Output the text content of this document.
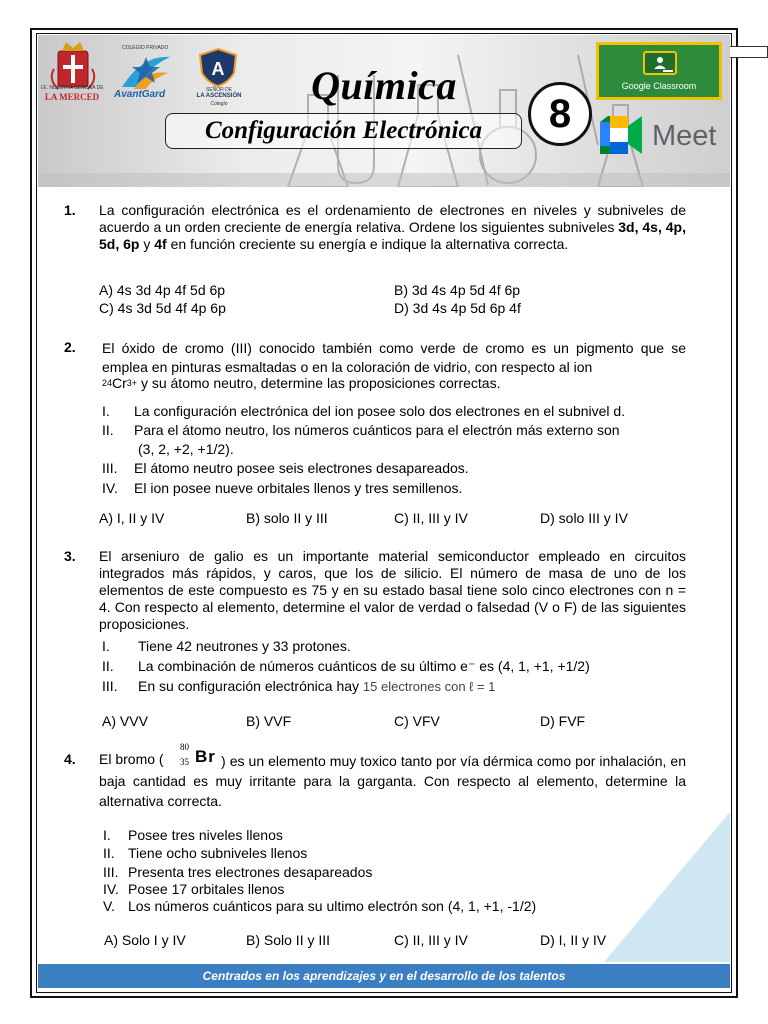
I.E. NUESTRA SEÑORA DE
LA MERCED
COLEGIO PRIVADO
AvantGard
A
SEÑOR DE
LA ASCENSIÓN
Colegio	Química
Configuración Electrónica	8
Google Classroom
Meet
1. La configuración electrónica es el ordenamiento de electrones en niveles y subniveles de acuerdo a un orden creciente de energía relativa. Ordene los siguientes subniveles 3d, 4s, 4p, 5d, 6p y 4f en función creciente su energía e indique la alternativa correcta.
A) 4s 3d 4p 4f 5d 6p	B) 3d 4s 4p 5d 4f 6p
C) 4s 3d 5d 4f 4p 6p	D) 3d 4s 4p 5d 6p 4f
2. El óxido de cromo (III) conocido también como verde de cromo es un pigmento que se emplea en pinturas esmaltadas o en la coloración de vidrio, con respecto al ion
$24Cr^{3+}$ y su átomo neutro, determine las proposiciones correctas.
I. La configuración electrónica del ion posee solo dos electrones en el subnivel d.
II. Para el átomo neutro, los números cuánticos para el electrón más externo son
(3, 2, +2, +1/2).
III. El átomo neutro posee seis electrones desapareados.
IV. El ion posee nueve orbitales llenos y tres semillenos.
A) I, II y IV	B) solo II y III	C) II, III y IV	D) solo III y IV
3. El arseniuro de galio es un importante material semiconductor empleado en circuitos integrados más rápidos, y caros, que los de silicio. El número de masa de uno de los elementos de este compuesto es 75 y en su estado basal tiene solo cinco electrones con n = 4. Con respecto al elemento, determine el valor de verdad o falsedad (V o F) de las siguientes proposiciones.
I. Tiene 42 neutrones y 33 protones.
II. La combinación de números cuánticos de su último e⁻ es (4, 1, +1, +1/2)
III. En su configuración electrónica hay 15 electrones con ℓ = 1
A) VVV	B) VVF	C) VFV	D) FVF
4. El bromo (
80
35 Br ) es un elemento muy toxico tanto por vía dérmica como por inhalación, en baja cantidad es muy irritante para la garganta. Con respecto al elemento, determine la alternativa correcta.
I. Posee tres niveles llenos
II. Tiene ocho subniveles llenos
III. Presenta tres electrones desapareados
IV. Posee 17 orbitales llenos
V. Los números cuánticos para su ultimo electrón son (4, 1, +1, -1/2)
A) Solo I y IV	B) Solo II y III	C) II, III y IV	D) I, II y IV
Centrados en los aprendizajes y en el desarrollo de los talentos
